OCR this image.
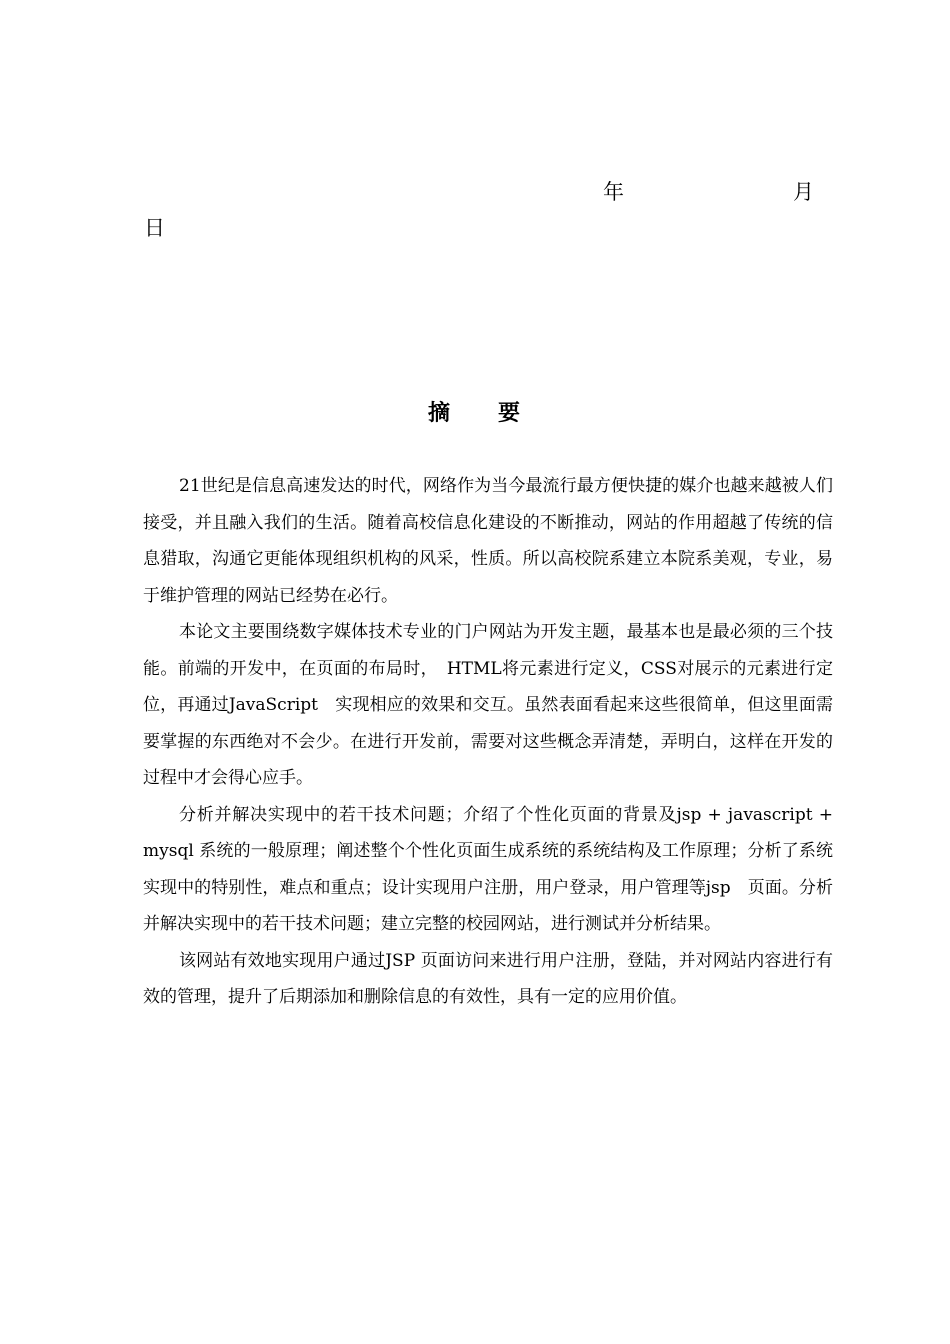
年	月
日
摘 要

21世纪是信息高速发达的时代，网络作为当今最流行最方便快捷的媒介也越来越被人们接受，并且融入我们的生活。随着高校信息化建设的不断推动，网站的作用超越了传统的信息猎取，沟通它更能体现组织机构的风采，性质。所以高校院系建立本院系美观，专业，易于维护管理的网站已经势在必行。

本论文主要围绕数字媒体技术专业的门户网站为开发主题，最基本也是最必须的三个技能。前端的开发中，在页面的布局时，　HTML将元素进行定义，CSS对展示的元素进行定位，再通过JavaScript　实现相应的效果和交互。虽然表面看起来这些很简单，但这里面需要掌握的东西绝对不会少。在进行开发前，需要对这些概念弄清楚，弄明白，这样在开发的过程中才会得心应手。

分析并解决实现中的若干技术问题；介绍了个性化页面的背景及jsp + javascript + mysql 系统的一般原理；阐述整个个性化页面生成系统的系统结构及工作原理；分析了系统实现中的特别性，难点和重点；设计实现用户注册，用户登录，用户管理等jsp　页面。分析并解决实现中的若干技术问题；建立完整的校园网站，进行测试并分析结果。

该网站有效地实现用户通过JSP 页面访问来进行用户注册，登陆，并对网站内容进行有效的管理，提升了后期添加和删除信息的有效性，具有一定的应用价值。
